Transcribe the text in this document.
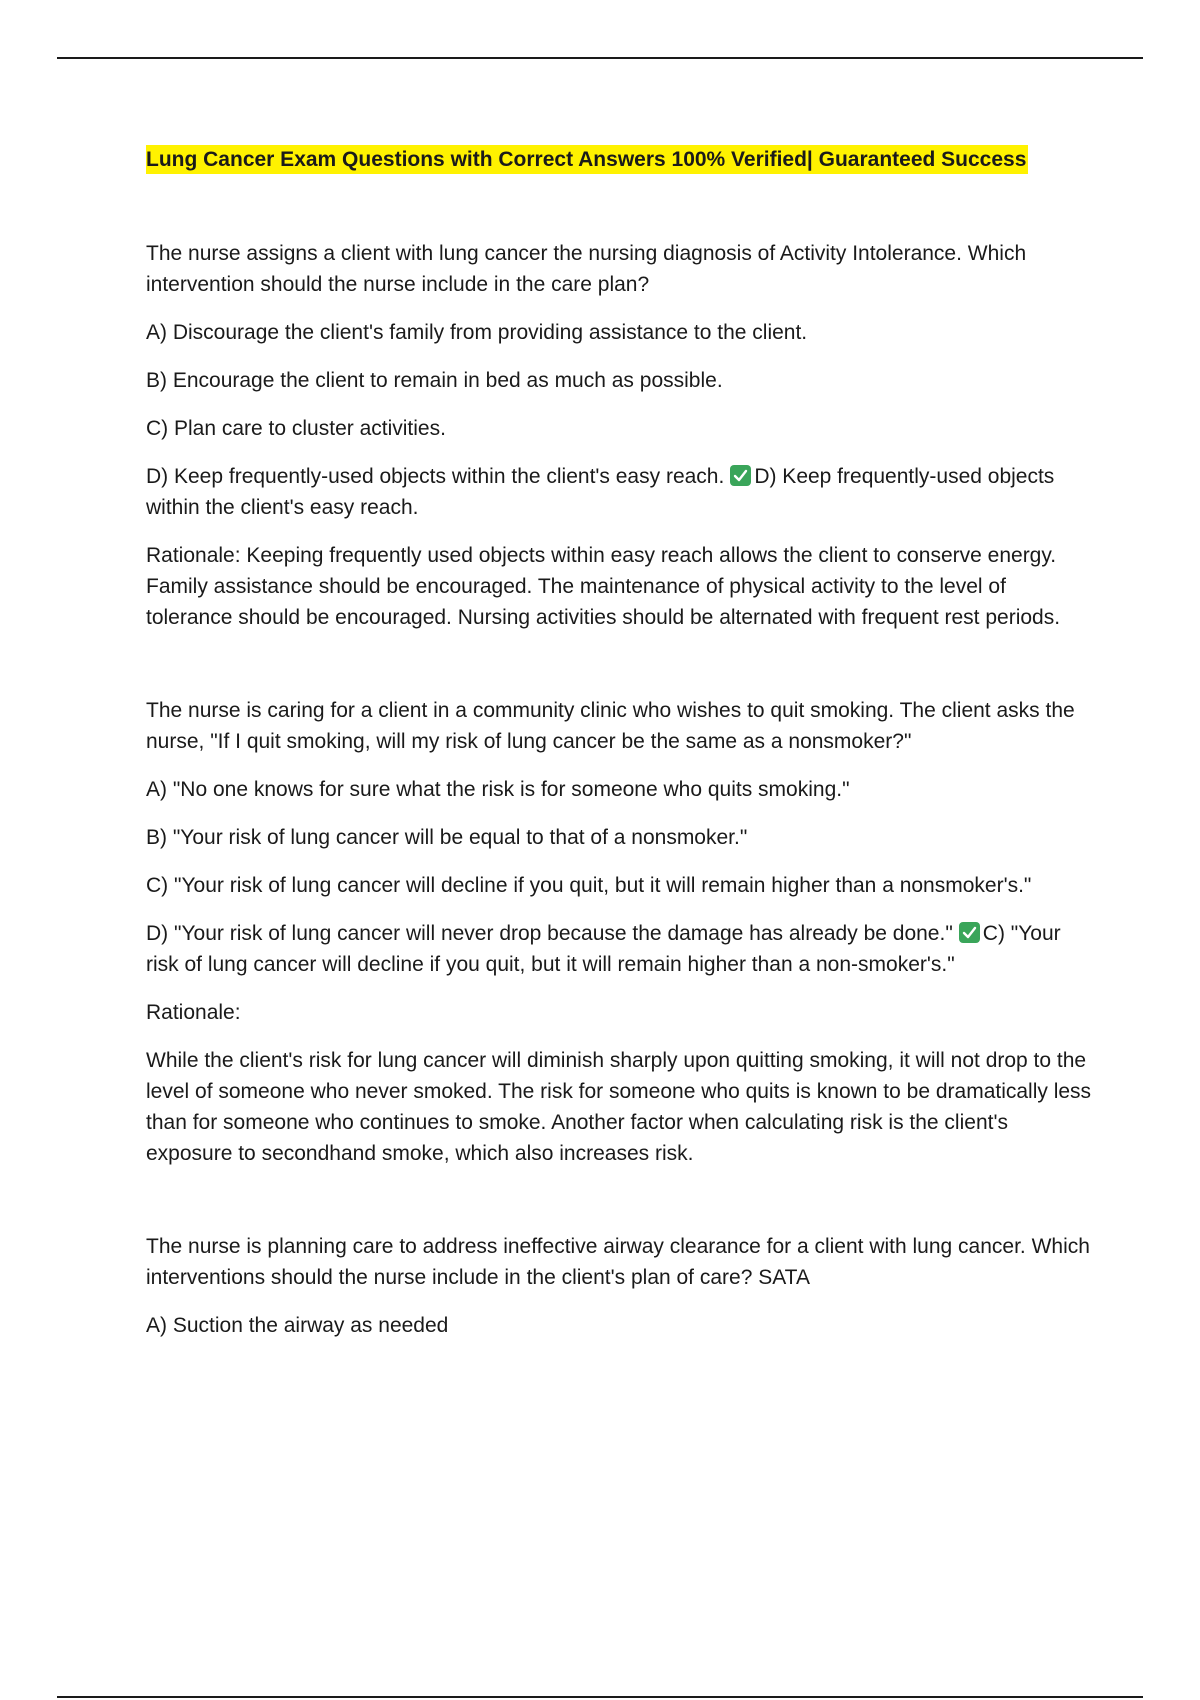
Lung Cancer Exam Questions with Correct Answers 100% Verified| Guaranteed Success

The nurse assigns a client with lung cancer the nursing diagnosis of Activity Intolerance. Which intervention should the nurse include in the care plan?

A) Discourage the client's family from providing assistance to the client.

B) Encourage the client to remain in bed as much as possible.

C) Plan care to cluster activities.

D) Keep frequently-used objects within the client's easy reach. D) Keep frequently-used objects within the client's easy reach.

Rationale: Keeping frequently used objects within easy reach allows the client to conserve energy. Family assistance should be encouraged. The maintenance of physical activity to the level of tolerance should be encouraged. Nursing activities should be alternated with frequent rest periods.

The nurse is caring for a client in a community clinic who wishes to quit smoking. The client asks the nurse, "If I quit smoking, will my risk of lung cancer be the same as a nonsmoker?"

A) "No one knows for sure what the risk is for someone who quits smoking."

B) "Your risk of lung cancer will be equal to that of a nonsmoker."

C) "Your risk of lung cancer will decline if you quit, but it will remain higher than a nonsmoker's."

D) "Your risk of lung cancer will never drop because the damage has already be done." C) "Your risk of lung cancer will decline if you quit, but it will remain higher than a non-smoker's."

Rationale:

While the client's risk for lung cancer will diminish sharply upon quitting smoking, it will not drop to the level of someone who never smoked. The risk for someone who quits is known to be dramatically less than for someone who continues to smoke. Another factor when calculating risk is the client's exposure to secondhand smoke, which also increases risk.

The nurse is planning care to address ineffective airway clearance for a client with lung cancer. Which interventions should the nurse include in the client's plan of care? SATA

A) Suction the airway as needed
